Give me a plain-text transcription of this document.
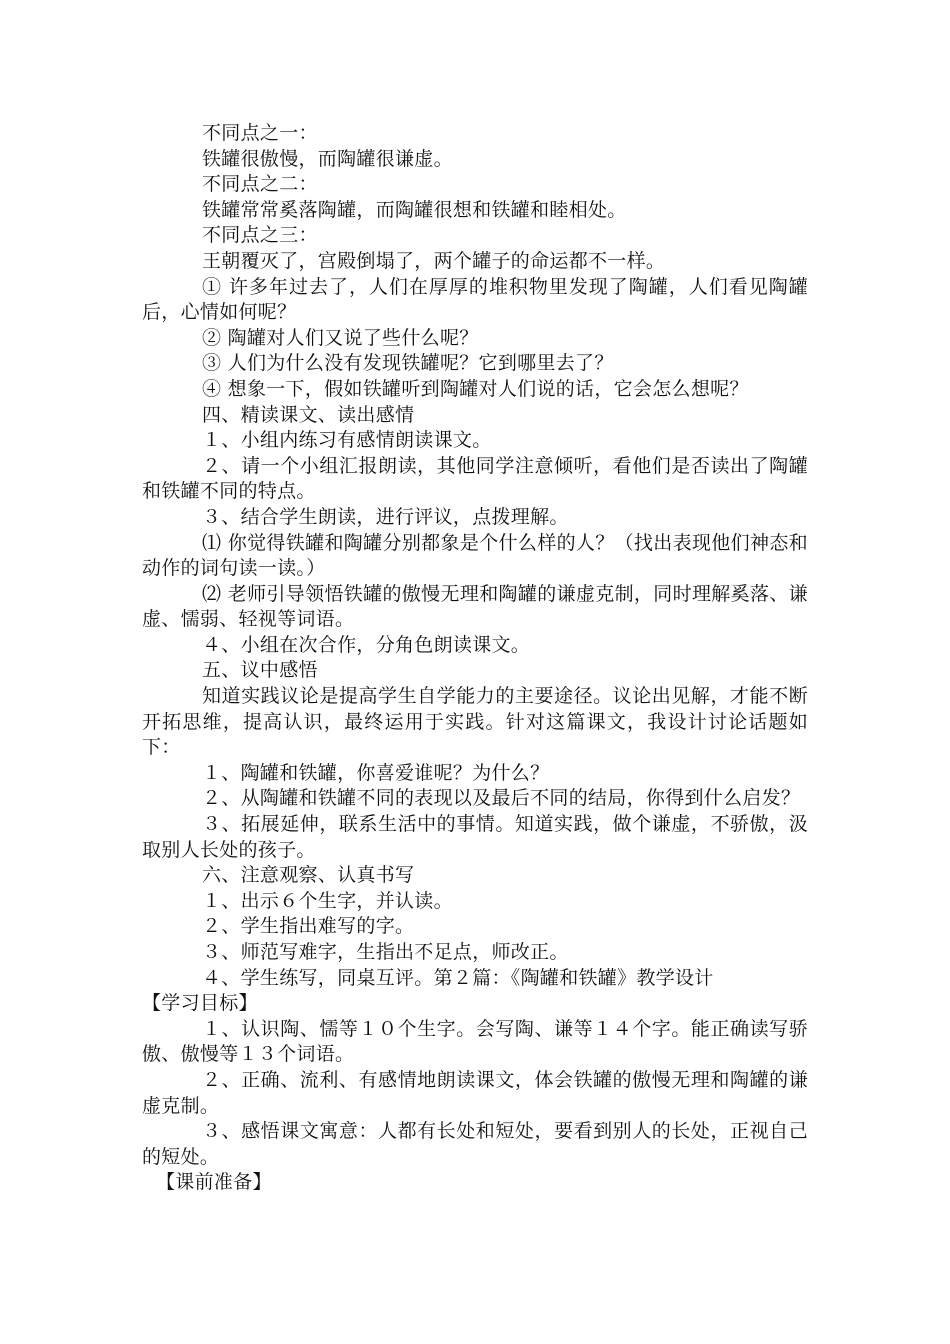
不同点之一：

铁罐很傲慢，而陶罐很谦虚。

不同点之二：

铁罐常常奚落陶罐，而陶罐很想和铁罐和睦相处。

不同点之三：

王朝覆灭了，宫殿倒塌了，两个罐子的命运都不一样。

① 许多年过去了，人们在厚厚的堆积物里发现了陶罐，人们看见陶罐后，心情如何呢？

② 陶罐对人们又说了些什么呢？

③ 人们为什么没有发现铁罐呢？它到哪里去了？

④ 想象一下，假如铁罐听到陶罐对人们说的话，它会怎么想呢？

四、精读课文、读出感情

１、小组内练习有感情朗读课文。

２、请一个小组汇报朗读，其他同学注意倾听，看他们是否读出了陶罐和铁罐不同的特点。

３、结合学生朗读，进行评议，点拨理解。

⑴ 你觉得铁罐和陶罐分别都象是个什么样的人？（找出表现他们神态和动作的词句读一读。）

⑵ 老师引导领悟铁罐的傲慢无理和陶罐的谦虚克制，同时理解奚落、谦虚、懦弱、轻视等词语。

４、小组在次合作，分角色朗读课文。

五、议中感悟

知道实践议论是提高学生自学能力的主要途径。议论出见解，才能不断开拓思维，提高认识，最终运用于实践。针对这篇课文，我设计讨论话题如下：

１、陶罐和铁罐，你喜爱谁呢？为什么？

２、从陶罐和铁罐不同的表现以及最后不同的结局，你得到什么启发？

３、拓展延伸，联系生活中的事情。知道实践，做个谦虚，不骄傲，汲取别人长处的孩子。

六、注意观察、认真书写

１、出示６个生字，并认读。

２、学生指出难写的字。

３、师范写难字，生指出不足点，师改正。

４、学生练写，同桌互评。第２篇：《陶罐和铁罐》教学设计

【学习目标】

１、认识陶、懦等１０个生字。会写陶、谦等１４个字。能正确读写骄傲、傲慢等１３个词语。

２、正确、流利、有感情地朗读课文，体会铁罐的傲慢无理和陶罐的谦虚克制。

３、感悟课文寓意：人都有长处和短处，要看到别人的长处，正视自己的短处。

【课前准备】
